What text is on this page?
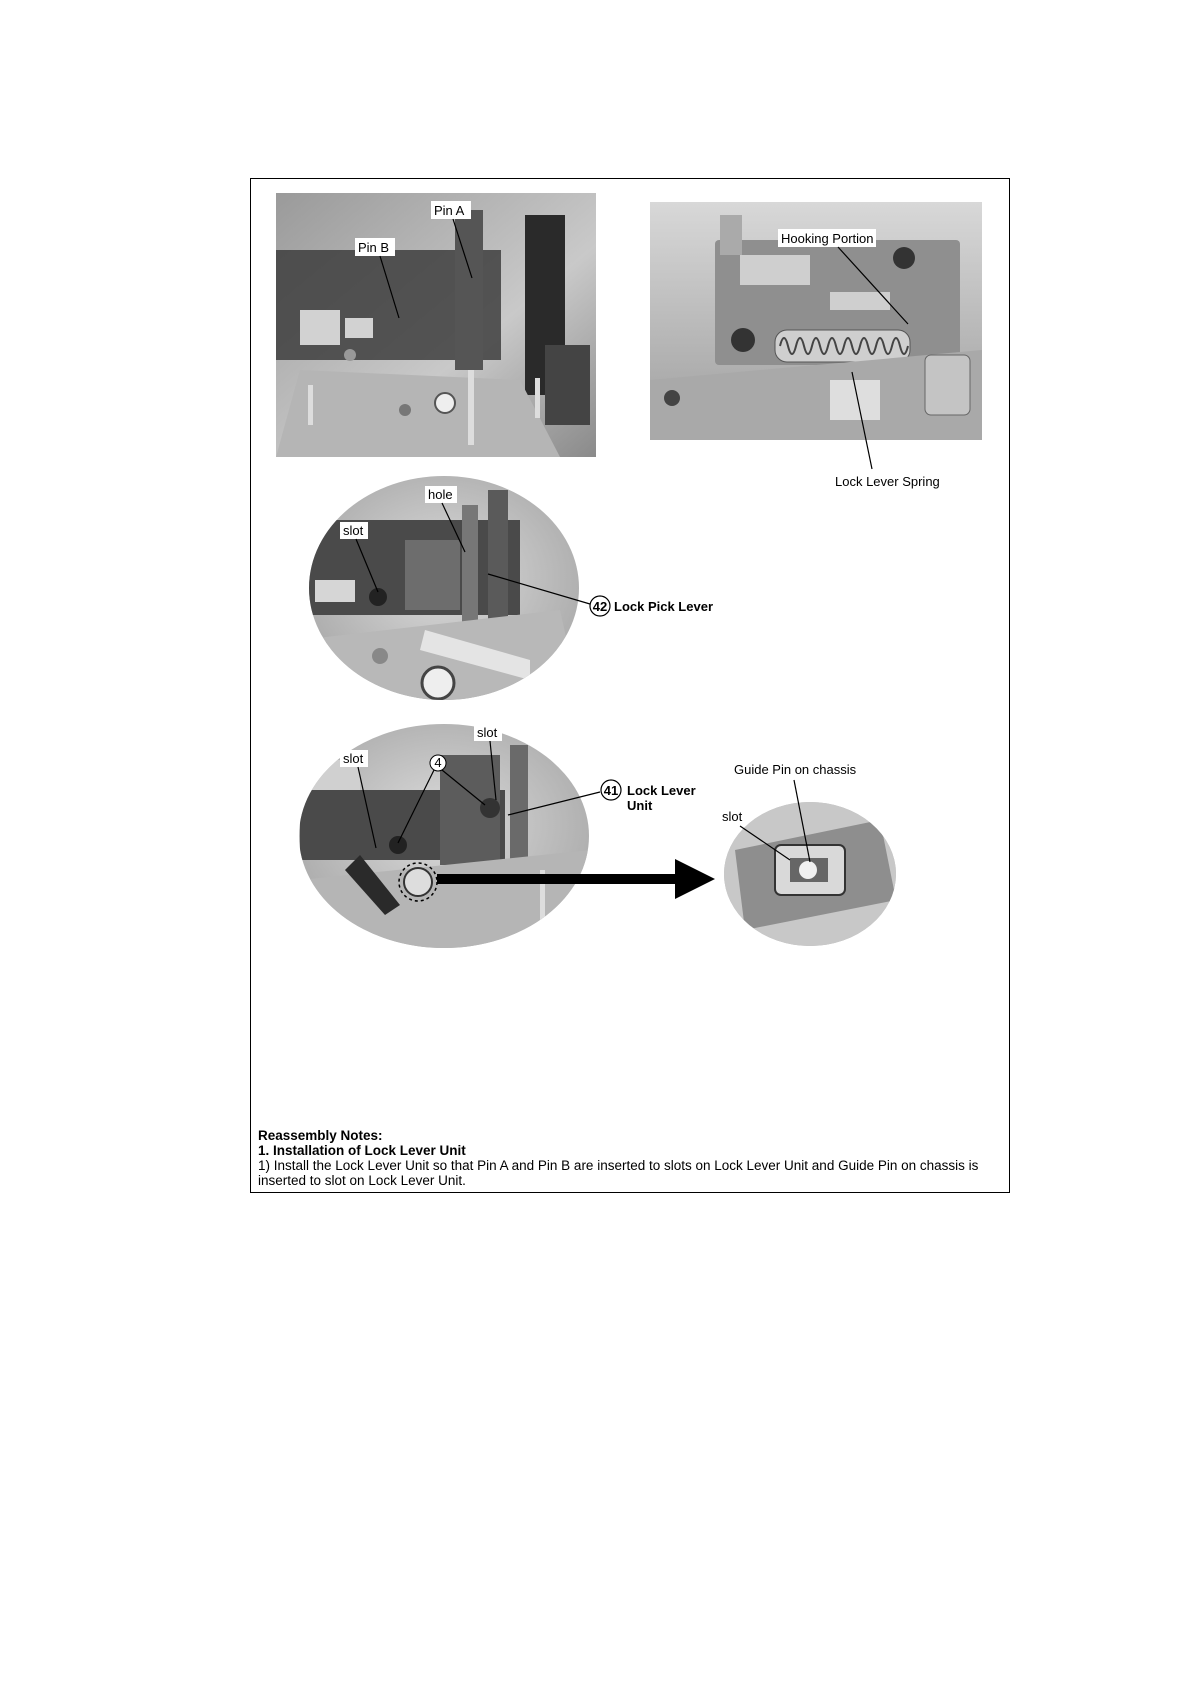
Pin A
Pin B
Hooking Portion
Lock Lever Spring
hole
slot
42 Lock Pick Lever
slot
slot
4
41 Lock Lever
Unit
Guide Pin on chassis
slot
Reassembly Notes:
1. Installation of Lock Lever Unit
1) Install the Lock Lever Unit so that Pin A and Pin B are inserted to slots on Lock Lever Unit and Guide Pin on chassis is
inserted to slot on Lock Lever Unit.
